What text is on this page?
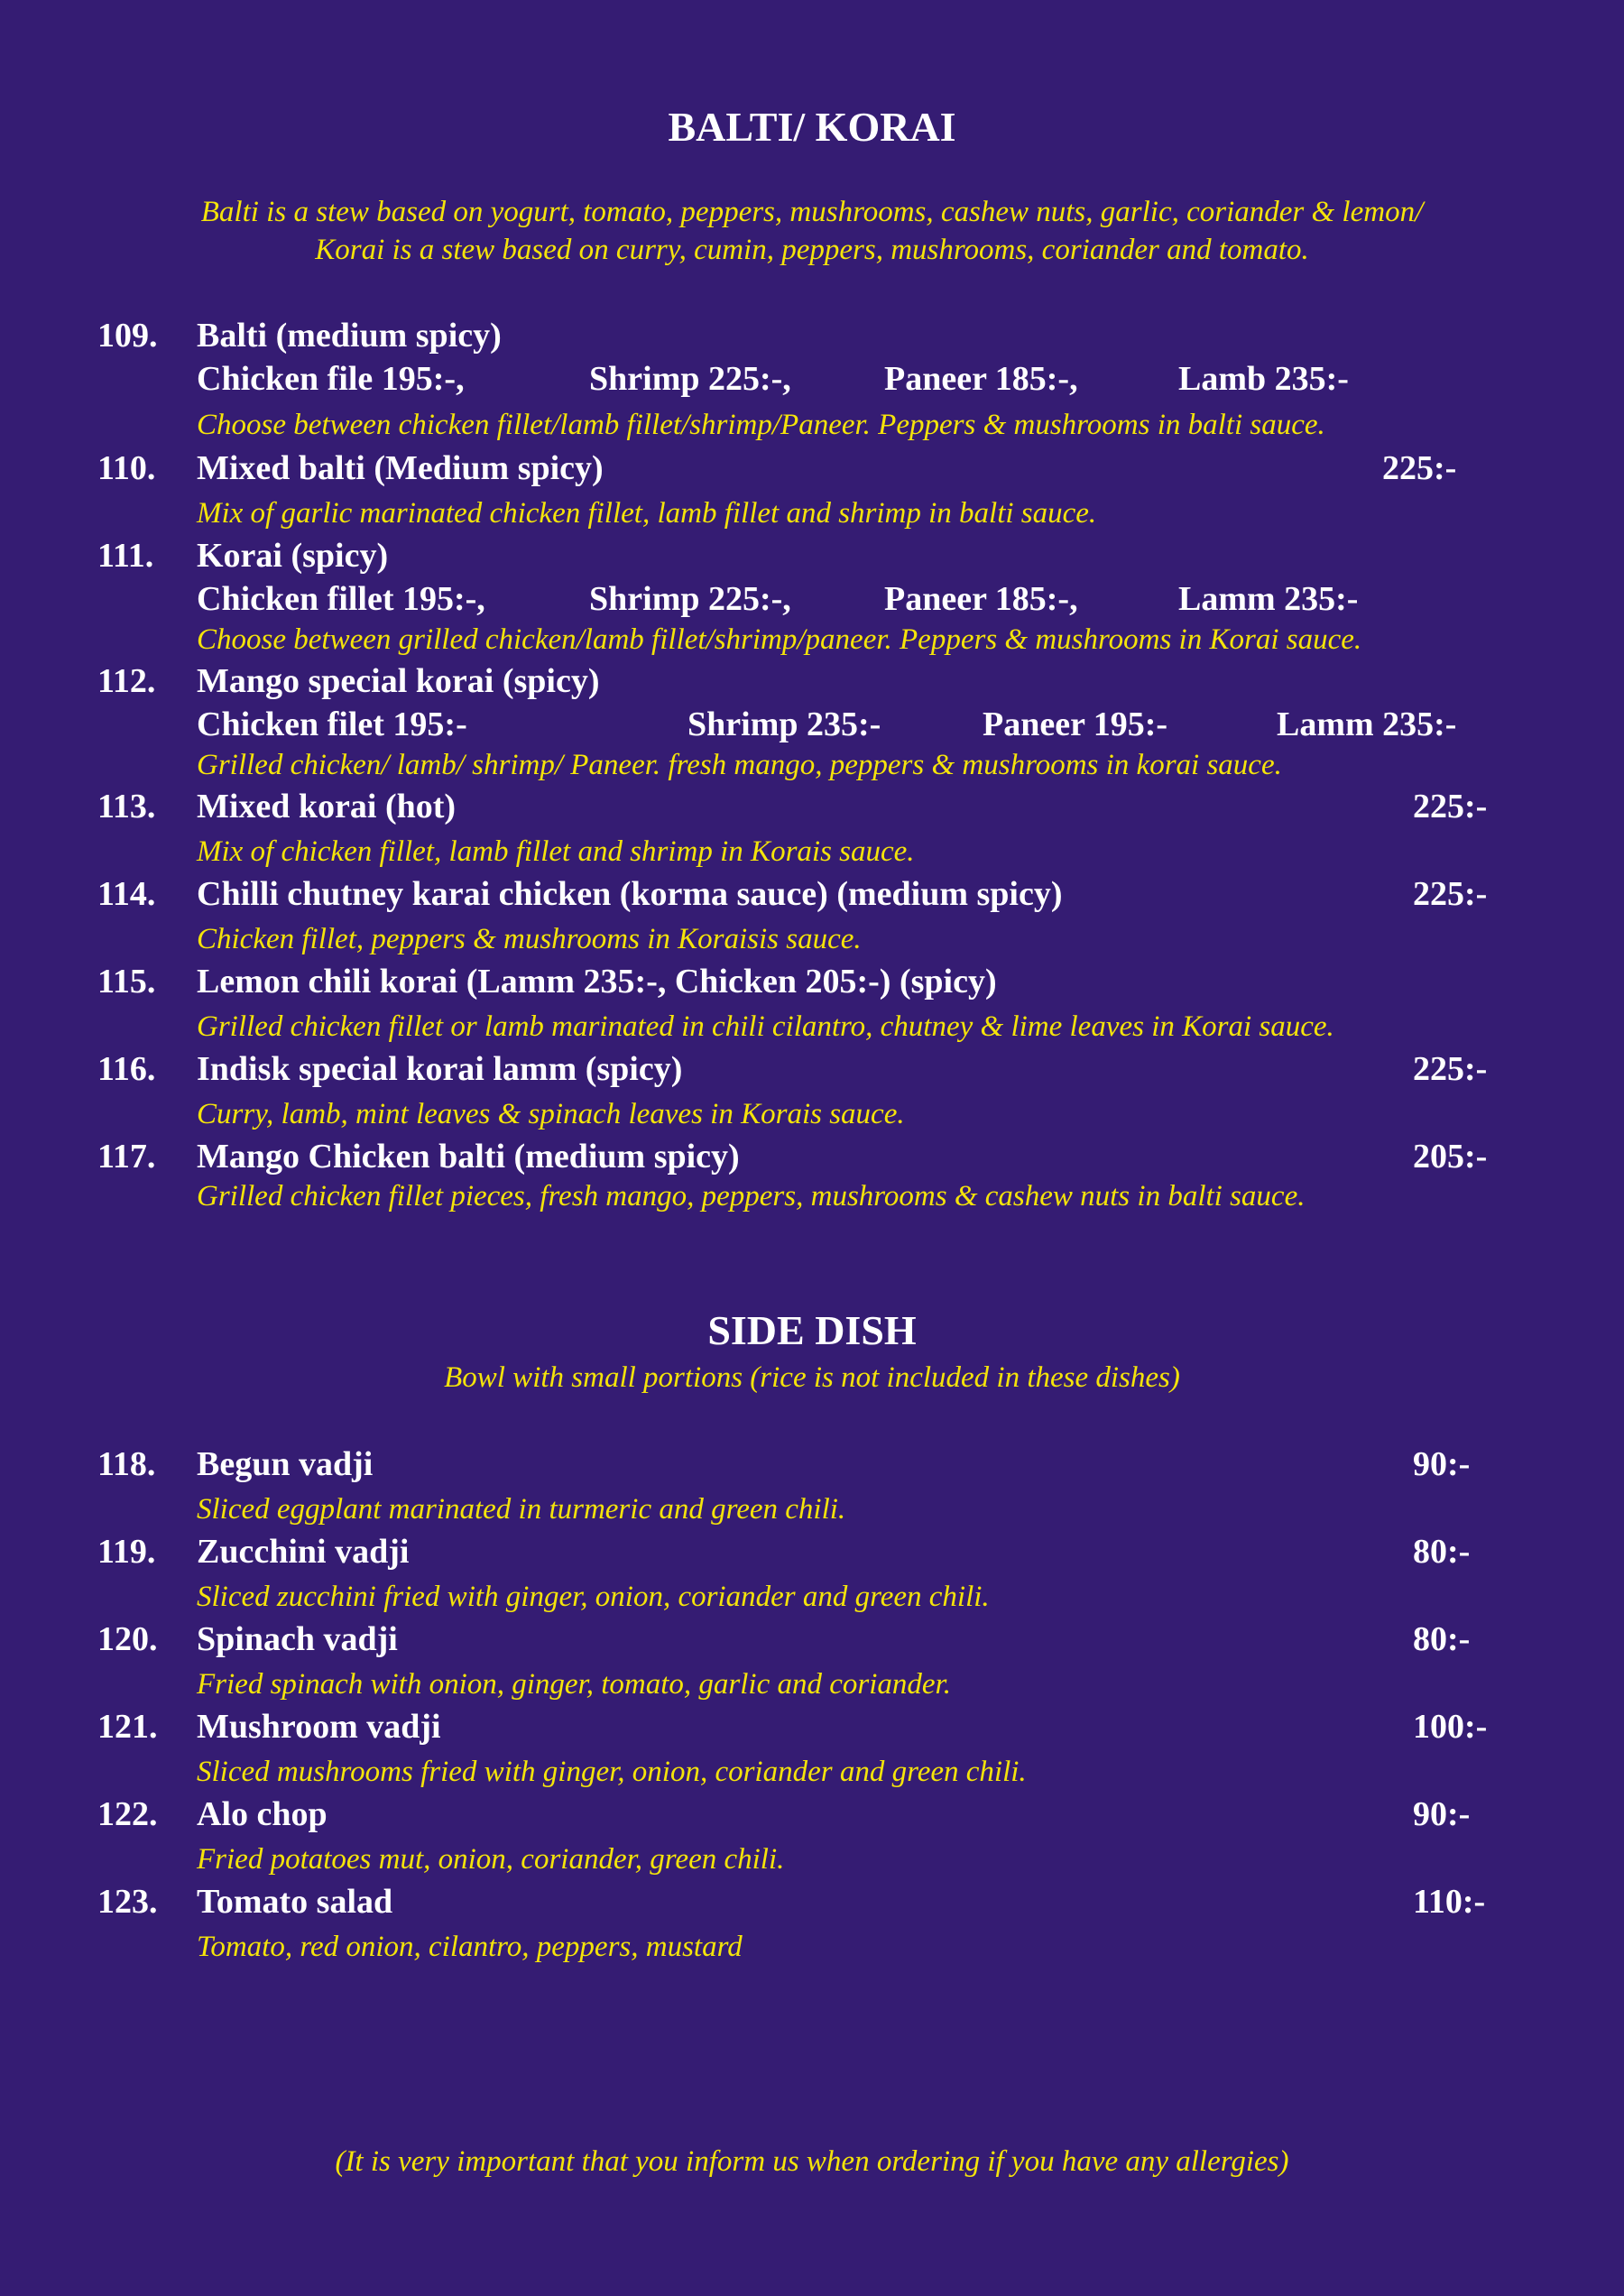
BALTI/ KORAI
Balti is a stew based on yogurt, tomato, peppers, mushrooms, cashew nuts, garlic, coriander & lemon/
Korai is a stew based on curry, cumin, peppers, mushrooms, coriander and tomato.
109. Balti (medium spicy)
Chicken file 195:-,	Shrimp 225:-,	Paneer 185:-,	Lamb 235:-
Choose between chicken fillet/lamb fillet/shrimp/Paneer. Peppers & mushrooms in balti sauce.
110. Mixed balti (Medium spicy)	225:-
Mix of garlic marinated chicken fillet, lamb fillet and shrimp in balti sauce.
111. Korai (spicy)
Chicken fillet 195:-,	Shrimp 225:-,	Paneer 185:-,	Lamm 235:-
Choose between grilled chicken/lamb fillet/shrimp/paneer. Peppers & mushrooms in Korai sauce.
112. Mango special korai (spicy)
Chicken filet 195:-	Shrimp 235:-	Paneer 195:-	Lamm 235:-
Grilled chicken/ lamb/ shrimp/ Paneer. fresh mango, peppers & mushrooms in korai sauce.
113. Mixed korai (hot)	225:-
Mix of chicken fillet, lamb fillet and shrimp in Korais sauce.
114. Chilli chutney karai chicken (korma sauce) (medium spicy)	225:-
Chicken fillet, peppers & mushrooms in Koraisis sauce.
115. Lemon chili korai (Lamm 235:-, Chicken 205:-) (spicy)
Grilled chicken fillet or lamb marinated in chili cilantro, chutney & lime leaves in Korai sauce.
116. Indisk special korai lamm (spicy)	225:-
Curry, lamb, mint leaves & spinach leaves in Korais sauce.
117. Mango Chicken balti (medium spicy)	205:-
Grilled chicken fillet pieces, fresh mango, peppers, mushrooms & cashew nuts in balti sauce.
SIDE DISH
Bowl with small portions (rice is not included in these dishes)
118. Begun vadji	90:-
Sliced eggplant marinated in turmeric and green chili.
119. Zucchini vadji	80:-
Sliced zucchini fried with ginger, onion, coriander and green chili.
120. Spinach vadji	80:-
Fried spinach with onion, ginger, tomato, garlic and coriander.
121. Mushroom vadji	100:-
Sliced mushrooms fried with ginger, onion, coriander and green chili.
122. Alo chop	90:-
Fried potatoes mut, onion, coriander, green chili.
123. Tomato salad	110:-
Tomato, red onion, cilantro, peppers, mustard
(It is very important that you inform us when ordering if you have any allergies)
